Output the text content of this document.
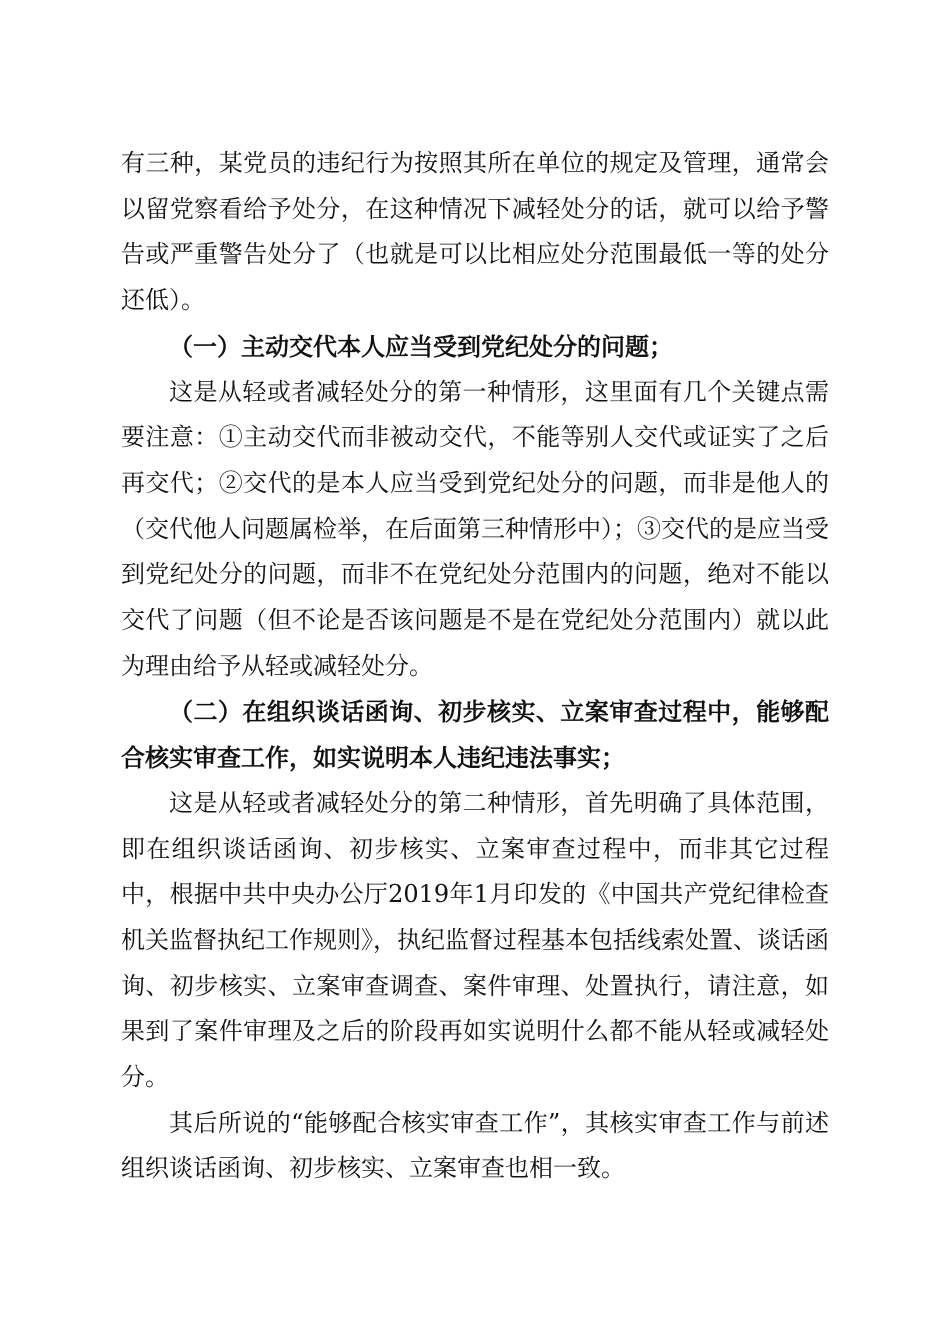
有三种，某党员的违纪行为按照其所在单位的规定及管理，通常会以留党察看给予处分，在这种情况下减轻处分的话，就可以给予警告或严重警告处分了（也就是可以比相应处分范围最低一等的处分还低）。

（一）主动交代本人应当受到党纪处分的问题；

这是从轻或者减轻处分的第一种情形，这里面有几个关键点需要注意：①主动交代而非被动交代，不能等别人交代或证实了之后再交代；②交代的是本人应当受到党纪处分的问题，而非是他人的（交代他人问题属检举，在后面第三种情形中）；③交代的是应当受到党纪处分的问题，而非不在党纪处分范围内的问题，绝对不能以交代了问题（但不论是否该问题是不是在党纪处分范围内）就以此为理由给予从轻或减轻处分。

（二）在组织谈话函询、初步核实、立案审查过程中，能够配合核实审查工作，如实说明本人违纪违法事实；

这是从轻或者减轻处分的第二种情形，首先明确了具体范围，即在组织谈话函询、初步核实、立案审查过程中，而非其它过程中，根据中共中央办公厅2019年1月印发的《中国共产党纪律检查机关监督执纪工作规则》，执纪监督过程基本包括线索处置、谈话函询、初步核实、立案审查调查、案件审理、处置执行，请注意，如果到了案件审理及之后的阶段再如实说明什么都不能从轻或减轻处分。

其后所说的“能够配合核实审查工作”，其核实审查工作与前述组织谈话函询、初步核实、立案审查也相一致。
